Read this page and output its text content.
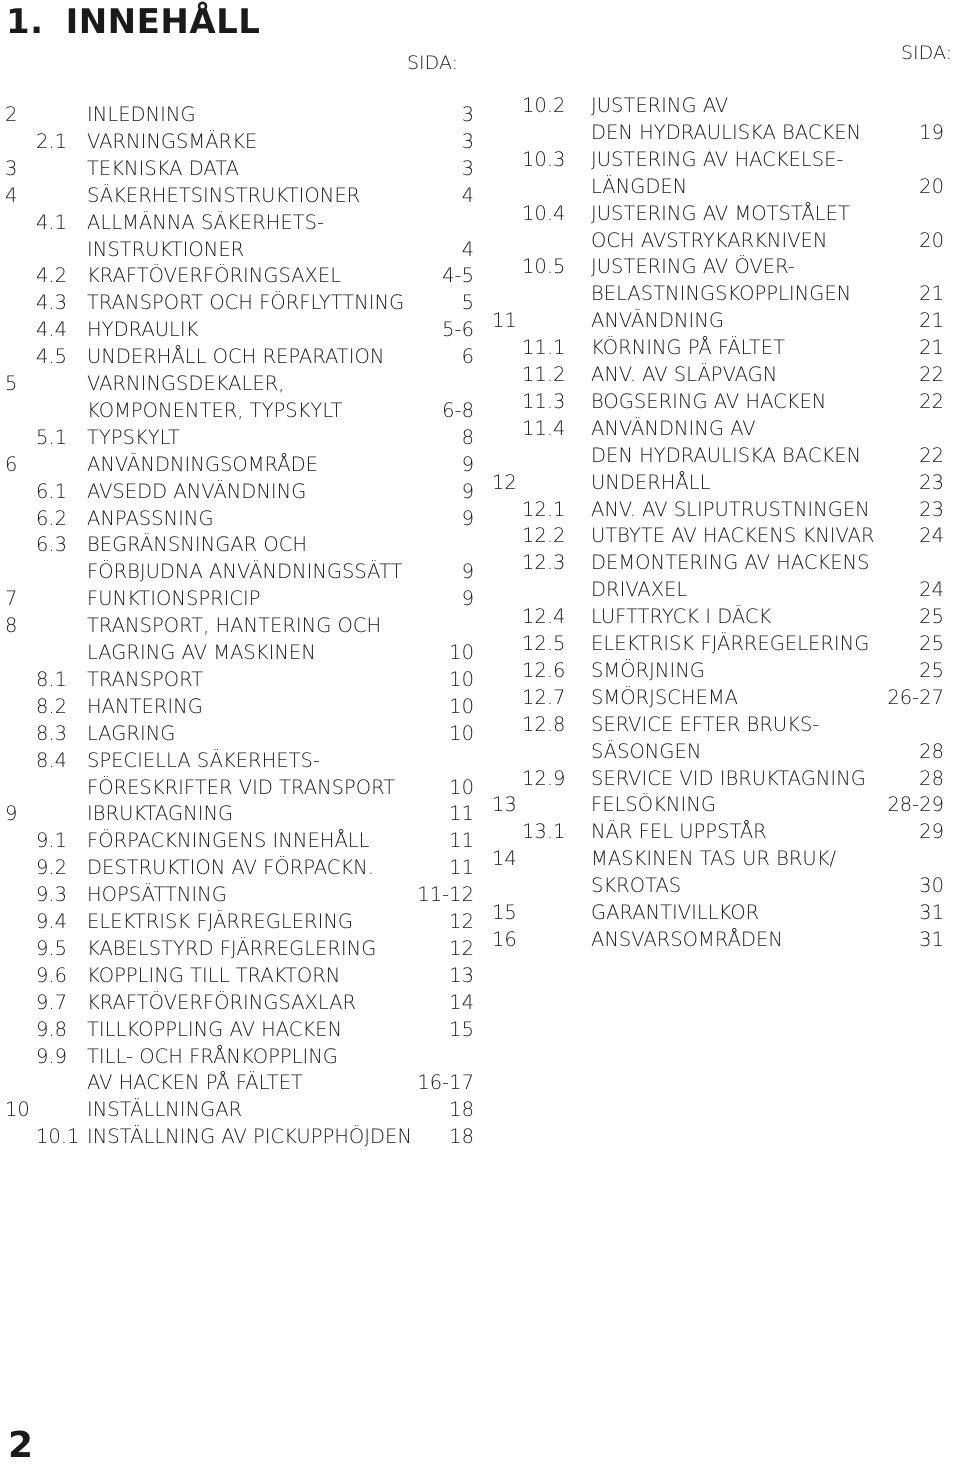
1. INNEHÅLL
SIDA:	SIDA:
2	INLEDNING	3
2.1 VARNINGSMÄRKE	3
3	TEKNISKA DATA	3
4	SÄKERHETSINSTRUKTIONER	4
4.1 ALLMÄNNA SÄKERHETS-
INSTRUKTIONER	4
4.2 KRAFTÖVERFÖRINGSAXEL	4-5
4.3 TRANSPORT OCH FÖRFLYTTNING	5
4.4 HYDRAULIK	5-6
4.5 UNDERHÅLL OCH REPARATION	6
5	VARNINGSDEKALER,
KOMPONENTER, TYPSKYLT	6-8
5.1 TYPSKYLT	8
6	ANVÄNDNINGSOMRÅDE	9
6.1 AVSEDD ANVÄNDNING	9
6.2 ANPASSNING	9
6.3 BEGRÄNSNINGAR OCH
FÖRBJUDNA ANVÄNDNINGSSÄTT	9
7	FUNKTIONSPRICIP	9
8	TRANSPORT, HANTERING OCH
LAGRING AV MASKINEN	10
8.1 TRANSPORT	10
8.2 HANTERING	10
8.3 LAGRING	10
8.4 SPECIELLA SÄKERHETS-
FÖRESKRIFTER VID TRANSPORT	10
9	IBRUKTAGNING	11
9.1 FÖRPACKNINGENS INNEHÅLL	11
9.2 DESTRUKTION AV FÖRPACKN.	11
9.3 HOPSÄTTNING	11-12
9.4 ELEKTRISK FJÄRREGLERING	12
9.5 KABELSTYRD FJÄRREGLERING	12
9.6 KOPPLING TILL TRAKTORN	13
9.7 KRAFTÖVERFÖRINGSAXLAR	14
9.8 TILLKOPPLING AV HACKEN	15
9.9 TILL- OCH FRÅNKOPPLING
AV HACKEN PÅ FÄLTET	16-17
10	INSTÄLLNINGAR	18
10.1 INSTÄLLNING AV PICKUPPHÖJDEN 18
10.2 JUSTERING AV
DEN HYDRAULISKA BACKEN	19
10.3 JUSTERING AV HACKELSE-
LÄNGDEN	20
10.4 JUSTERING AV MOTSTÅLET
OCH AVSTRYKARKNIVEN	20
10.5 JUSTERING AV ÖVER-
BELASTNINGSKOPPLINGEN	21
11	ANVÄNDNING	21
11.1 KÖRNING PÅ FÄLTET	21
11.2 ANV. AV SLÄPVAGN	22
11.3 BOGSERING AV HACKEN	22
11.4 ANVÄNDNING AV
DEN HYDRAULISKA BACKEN	22
12	UNDERHÅLL	23
12.1 ANV. AV SLIPUTRUSTNINGEN	23
12.2 UTBYTE AV HACKENS KNIVAR 24
12.3 DEMONTERING AV HACKENS
DRIVAXEL	24
12.4 LUFTTRYCK I DÄCK	25
12.5 ELEKTRISK FJÄRREGELERING	25
12.6 SMÖRJNING	25
12.7 SMÖRJSCHEMA	26-27
12.8 SERVICE EFTER BRUKS-
SÄSONGEN	28
12.9 SERVICE VID IBRUKTAGNING	28
13	FELSÖKNING	28-29
13.1 NÄR FEL UPPSTÅR	29
14	MASKINEN TAS UR BRUK/
SKROTAS	30
15	GARANTIVILLKOR	31
16	ANSVARSOMRÅDEN	31
2
